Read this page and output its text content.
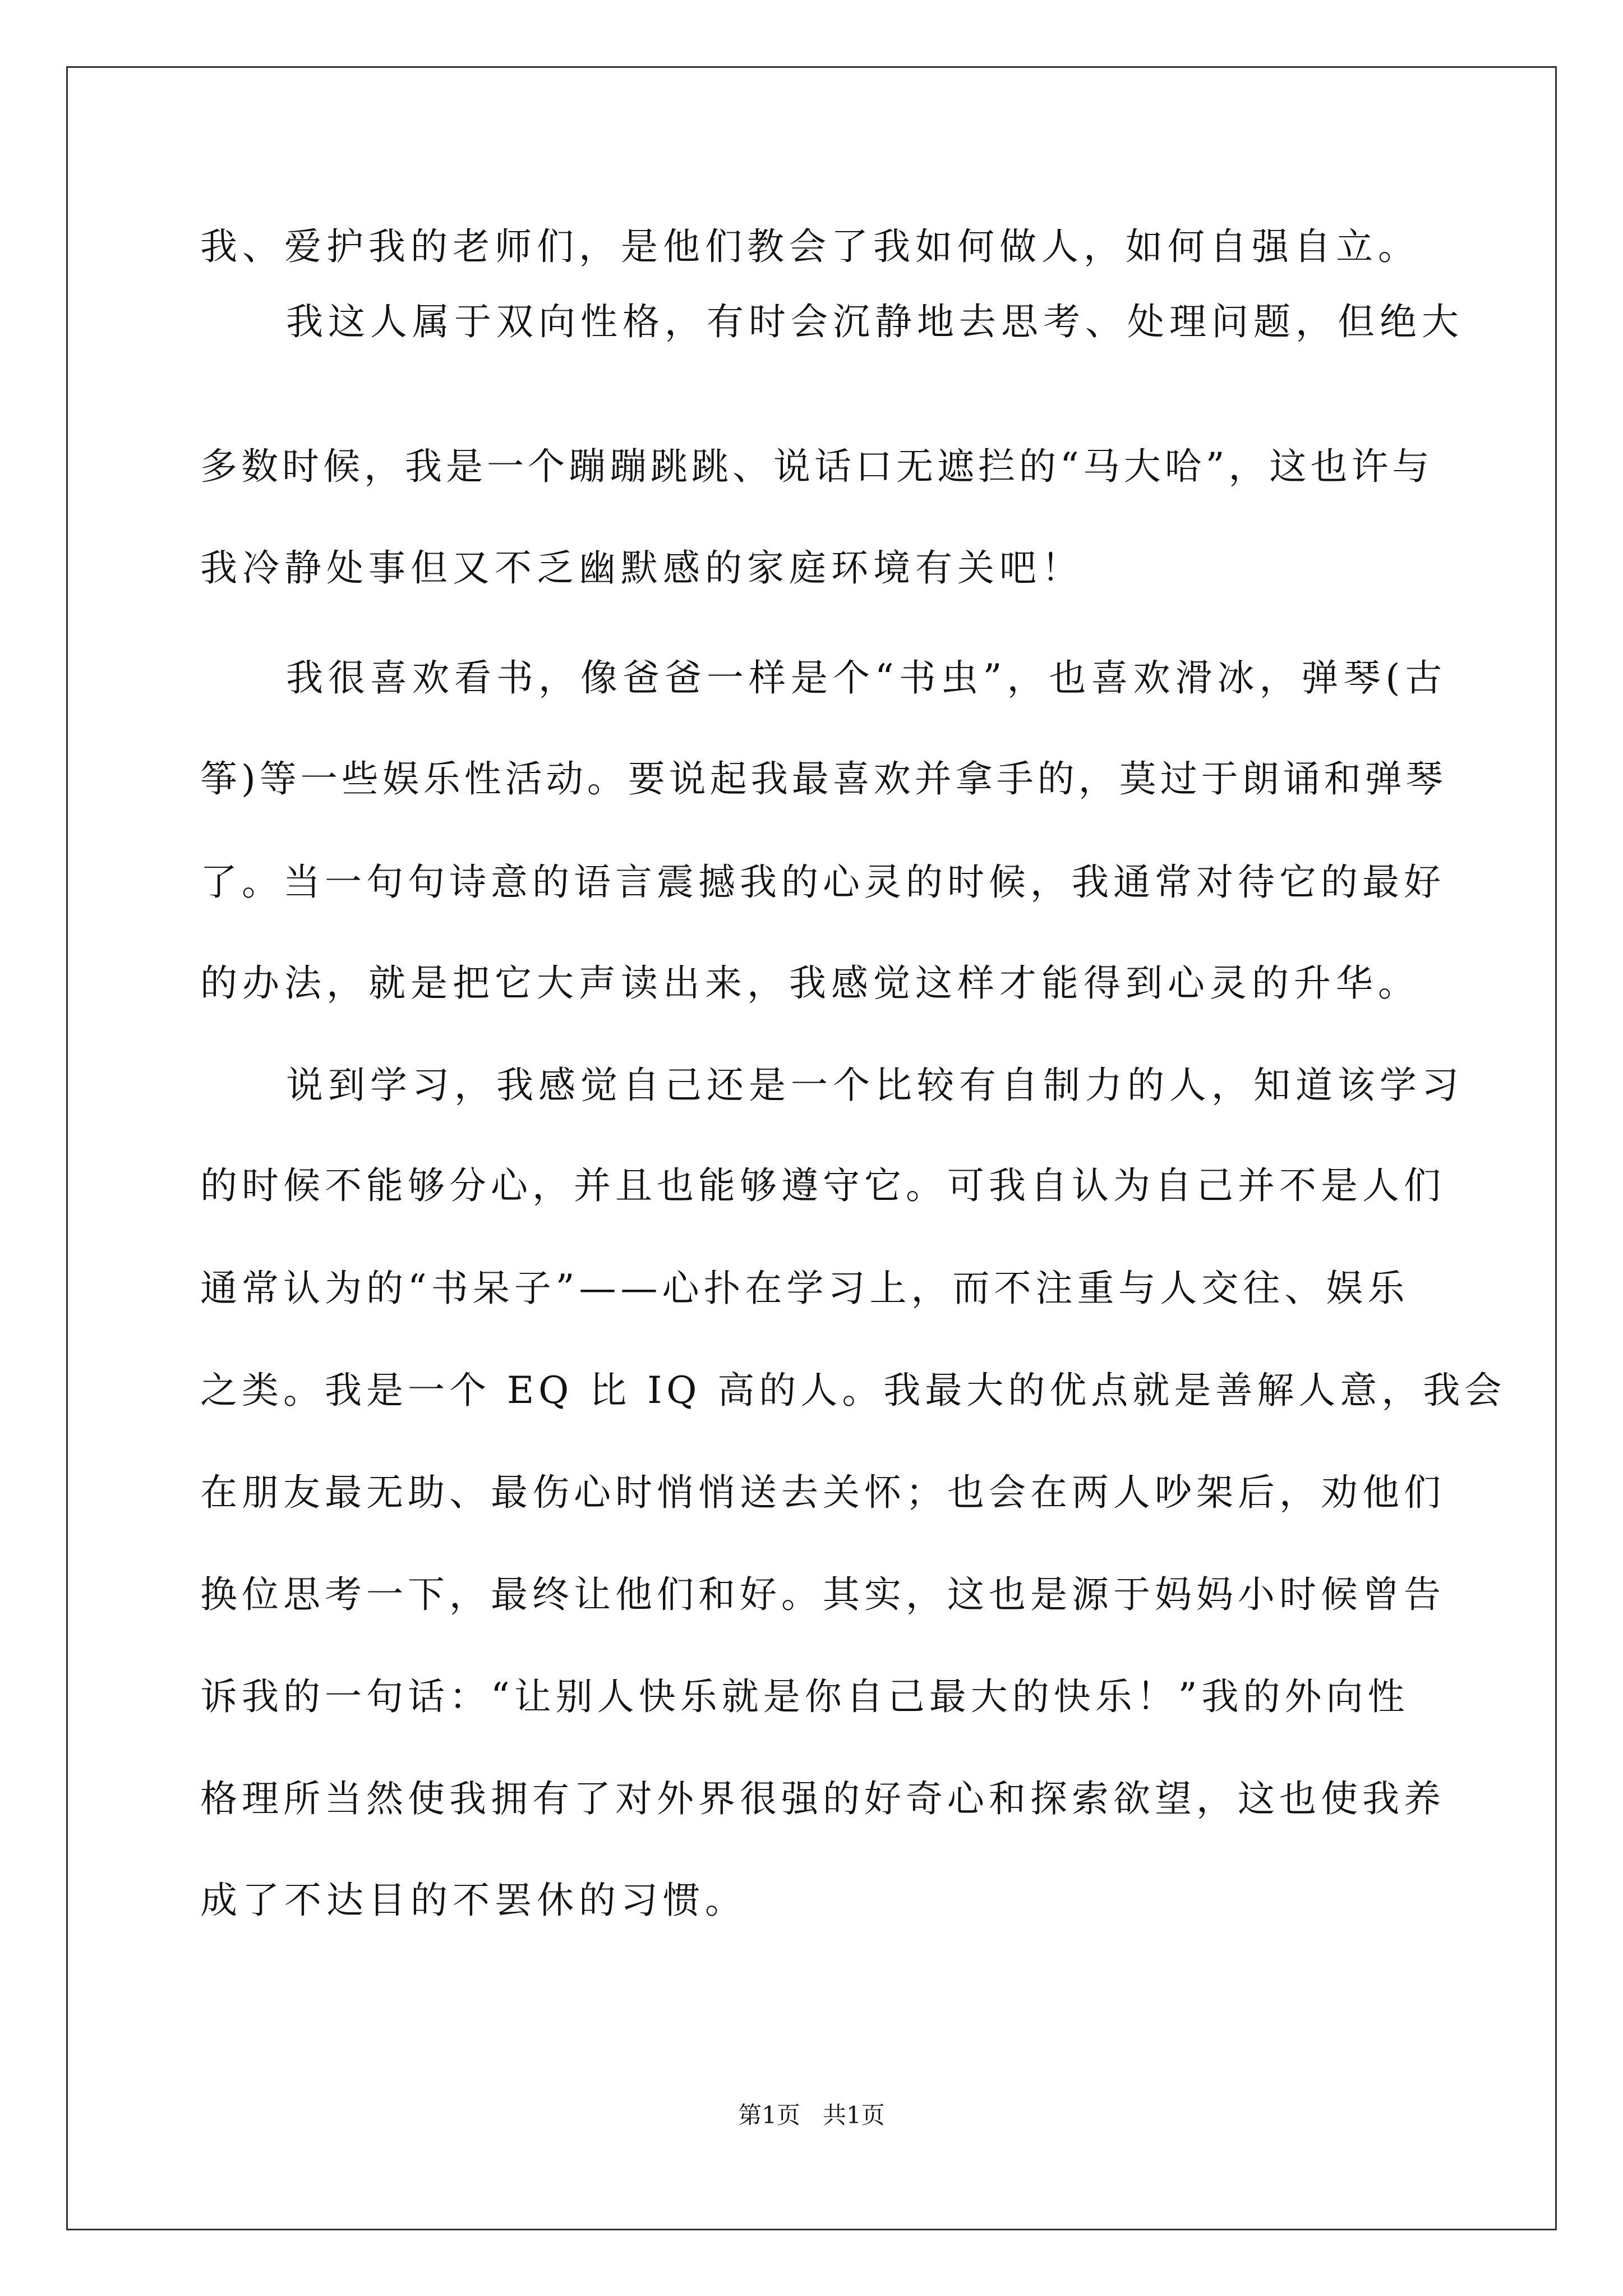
我、爱护我的老师们，是他们教会了我如何做人，如何自强自立。
我这人属于双向性格，有时会沉静地去思考、处理问题，但绝大
多数时候，我是一个蹦蹦跳跳、说话口无遮拦的“马大哈”，这也许与
我冷静处事但又不乏幽默感的家庭环境有关吧！
我很喜欢看书，像爸爸一样是个“书虫”，也喜欢滑冰，弹琴(古
筝)等一些娱乐性活动。要说起我最喜欢并拿手的，莫过于朗诵和弹琴
了。当一句句诗意的语言震撼我的心灵的时候，我通常对待它的最好
的办法，就是把它大声读出来，我感觉这样才能得到心灵的升华。
说到学习，我感觉自己还是一个比较有自制力的人，知道该学习
的时候不能够分心，并且也能够遵守它。可我自认为自己并不是人们
通常认为的“书呆子”——心扑在学习上，而不注重与人交往、娱乐
之类。我是一个 EQ 比 IQ 高的人。我最大的优点就是善解人意，我会
在朋友最无助、最伤心时悄悄送去关怀；也会在两人吵架后，劝他们
换位思考一下，最终让他们和好。其实，这也是源于妈妈小时候曾告
诉我的一句话：“让别人快乐就是你自己最大的快乐！”我的外向性
格理所当然使我拥有了对外界很强的好奇心和探索欲望，这也使我养
成了不达目的不罢休的习惯。
第1页   共1页
